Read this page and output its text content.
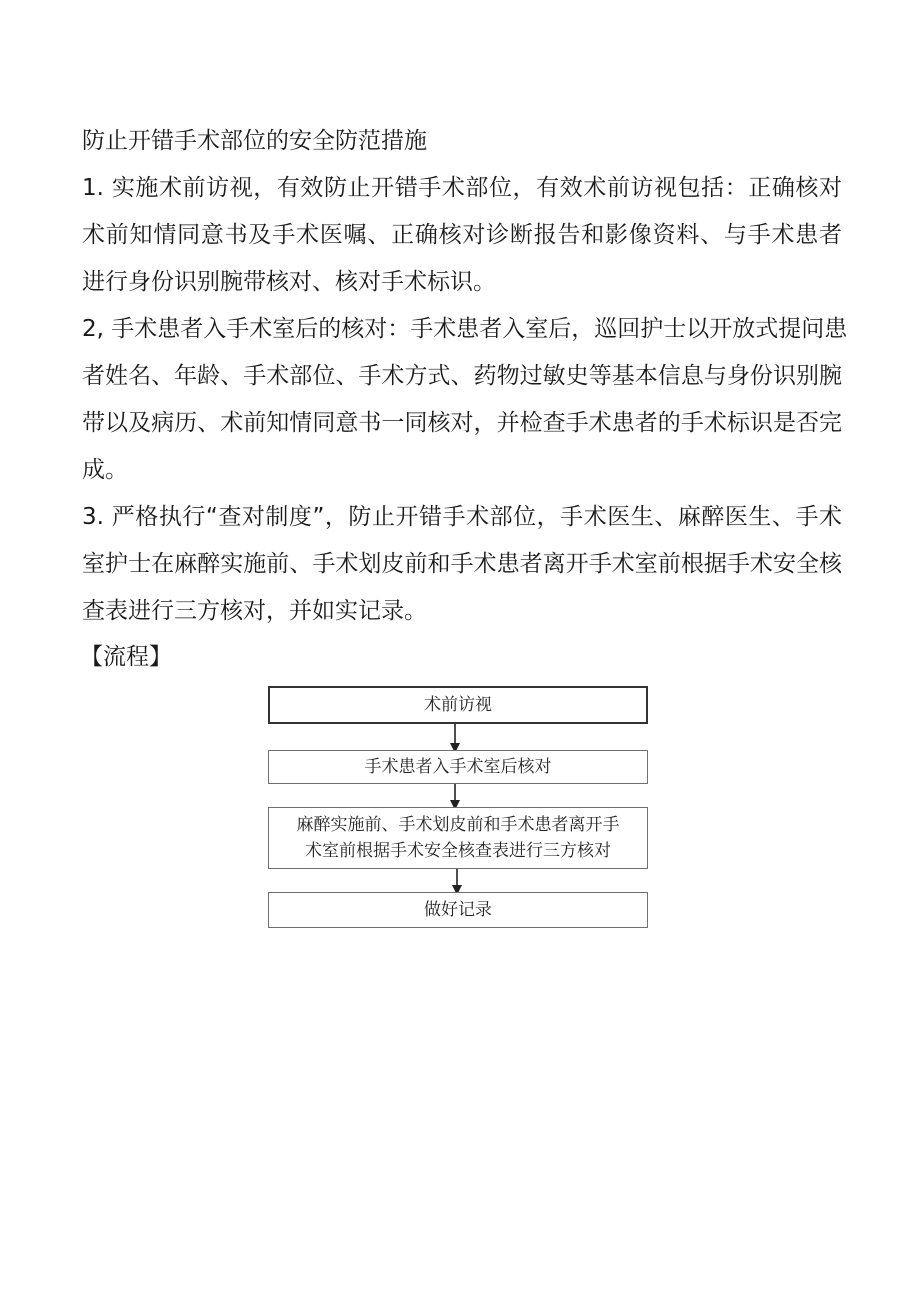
防止开错手术部位的安全防范措施
1. 实施术前访视，有效防止开错手术部位，有效术前访视包括：正确核对
术前知情同意书及手术医嘱、正确核对诊断报告和影像资料、与手术患者
进行身份识别腕带核对、核对手术标识。
2, 手术患者入手术室后的核对：手术患者入室后，巡回护士以开放式提问患
者姓名、年龄、手术部位、手术方式、药物过敏史等基本信息与身份识别腕
带以及病历、术前知情同意书一同核对，并检查手术患者的手术标识是否完
成。
3. 严格执行“查对制度”，防止开错手术部位，手术医生、麻醉医生、手术
室护士在麻醉实施前、手术划皮前和手术患者离开手术室前根据手术安全核
查表进行三方核对，并如实记录。
【流程】
术前访视
手术患者入手术室后核对
麻醉实施前、手术划皮前和手术患者离开手
术室前根据手术安全核查表进行三方核对
做好记录
